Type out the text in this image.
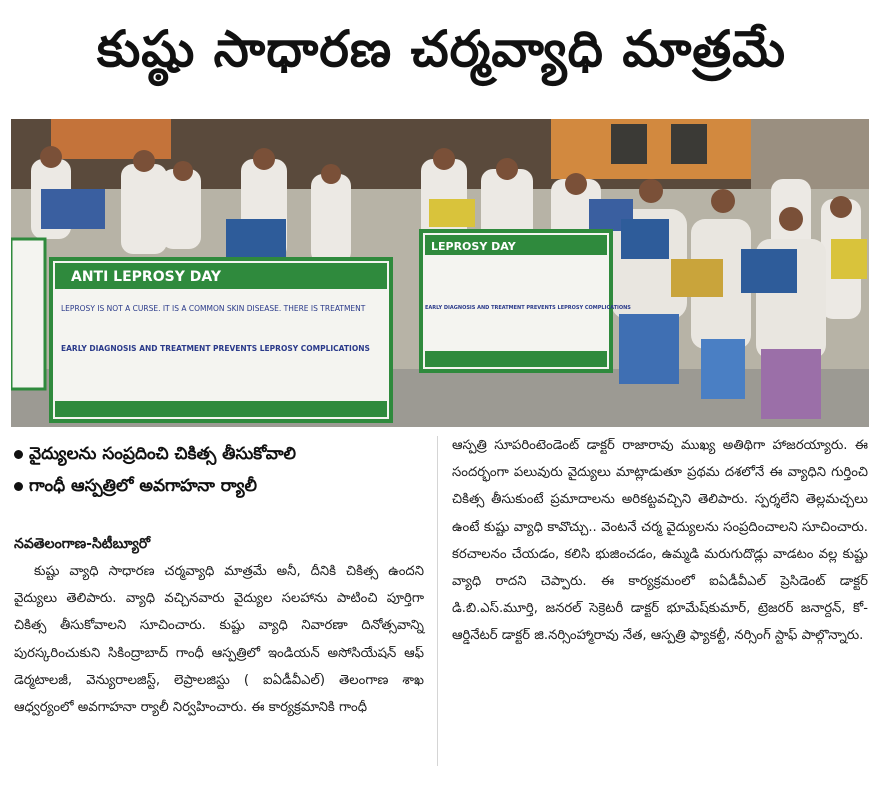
కుష్ఠు సాధారణ చర్మవ్యాధి మాత్రమే
ANTI LEPROSY DAY
LEPROSY IS NOT A CURSE. IT IS A COMMON SKIN DISEASE. THERE IS TREATMENT
EARLY DIAGNOSIS AND TREATMENT PREVENTS LEPROSY COMPLICATIONS
LEPROSY DAY
EARLY DIAGNOSIS AND TREATMENT PREVENTS LEPROSY COMPLICATIONS
వైద్యులను సంప్రదించి చికిత్స తీసుకోవాలి
గాంధీ ఆస్పత్రిలో అవగాహనా ర్యాలీ
నవతెలంగాణ-సిటీబ్యూరో
కుష్టు వ్యాధి సాధారణ చర్మవ్యాధి మాత్రమే అనీ, దీనికి చికిత్స ఉందని వైద్యులు తెలిపారు. వ్యాధి వచ్చినవారు వైద్యుల సలహాను పాటించి పూర్తిగా చికిత్స తీసుకోవాలని సూచించారు. కుష్టు వ్యాధి నివారణా దినోత్సవాన్ని పురస్కరించుకుని సికింద్రాబాద్ గాంధీ ఆస్పత్రిలో ఇండియన్ అసోసియేషన్ ఆఫ్ డెర్మటాలజీ, వెన్యురాలజిస్ట్, లెప్రాలజిస్టు ( ఐఏడీవీఎల్) తెలంగాణ శాఖ ఆధ్వర్యంలో అవగాహనా ర్యాలీ నిర్వహించారు. ఈ కార్యక్రమానికి గాంధీ
ఆస్పత్రి సూపరింటెండెంట్ డాక్టర్ రాజారావు ముఖ్య అతిథిగా హాజరయ్యారు. ఈ సందర్భంగా పలువురు వైద్యులు మాట్లాడుతూ ప్రథమ దశలోనే ఈ వ్యాధిని గుర్తించి చికిత్స తీసుకుంటే ప్రమాదాలను అరికట్టవచ్చిని తెలిపారు. స్పర్శలేని తెల్లమచ్చలు ఉంటే కుష్టు వ్యాధి కావొచ్చు.. వెంటనే చర్మ వైద్యులను సంప్రదించాలని సూచించారు. కరచాలనం చేయడం, కలిసి భుజించడం, ఉమ్మడి మరుగుదొడ్లు వాడటం వల్ల కుష్టు వ్యాధి రాదని చెప్పారు. ఈ కార్యక్రమంలో ఐఏడీవీఎల్ ప్రెసిడెంట్ డాక్టర్ డి.బి.ఎస్.మూర్తి, జనరల్ సెక్రెటరీ డాక్టర్ భూమేష్‌కుమార్, ట్రెజరర్ జనార్దన్, కో-ఆర్డినేటర్ డాక్టర్ జి.నర్సింహ్మారావు నేత, ఆస్పత్రి ఫ్యాకల్టీ, నర్సింగ్ స్టాఫ్ పాల్గొన్నారు.
